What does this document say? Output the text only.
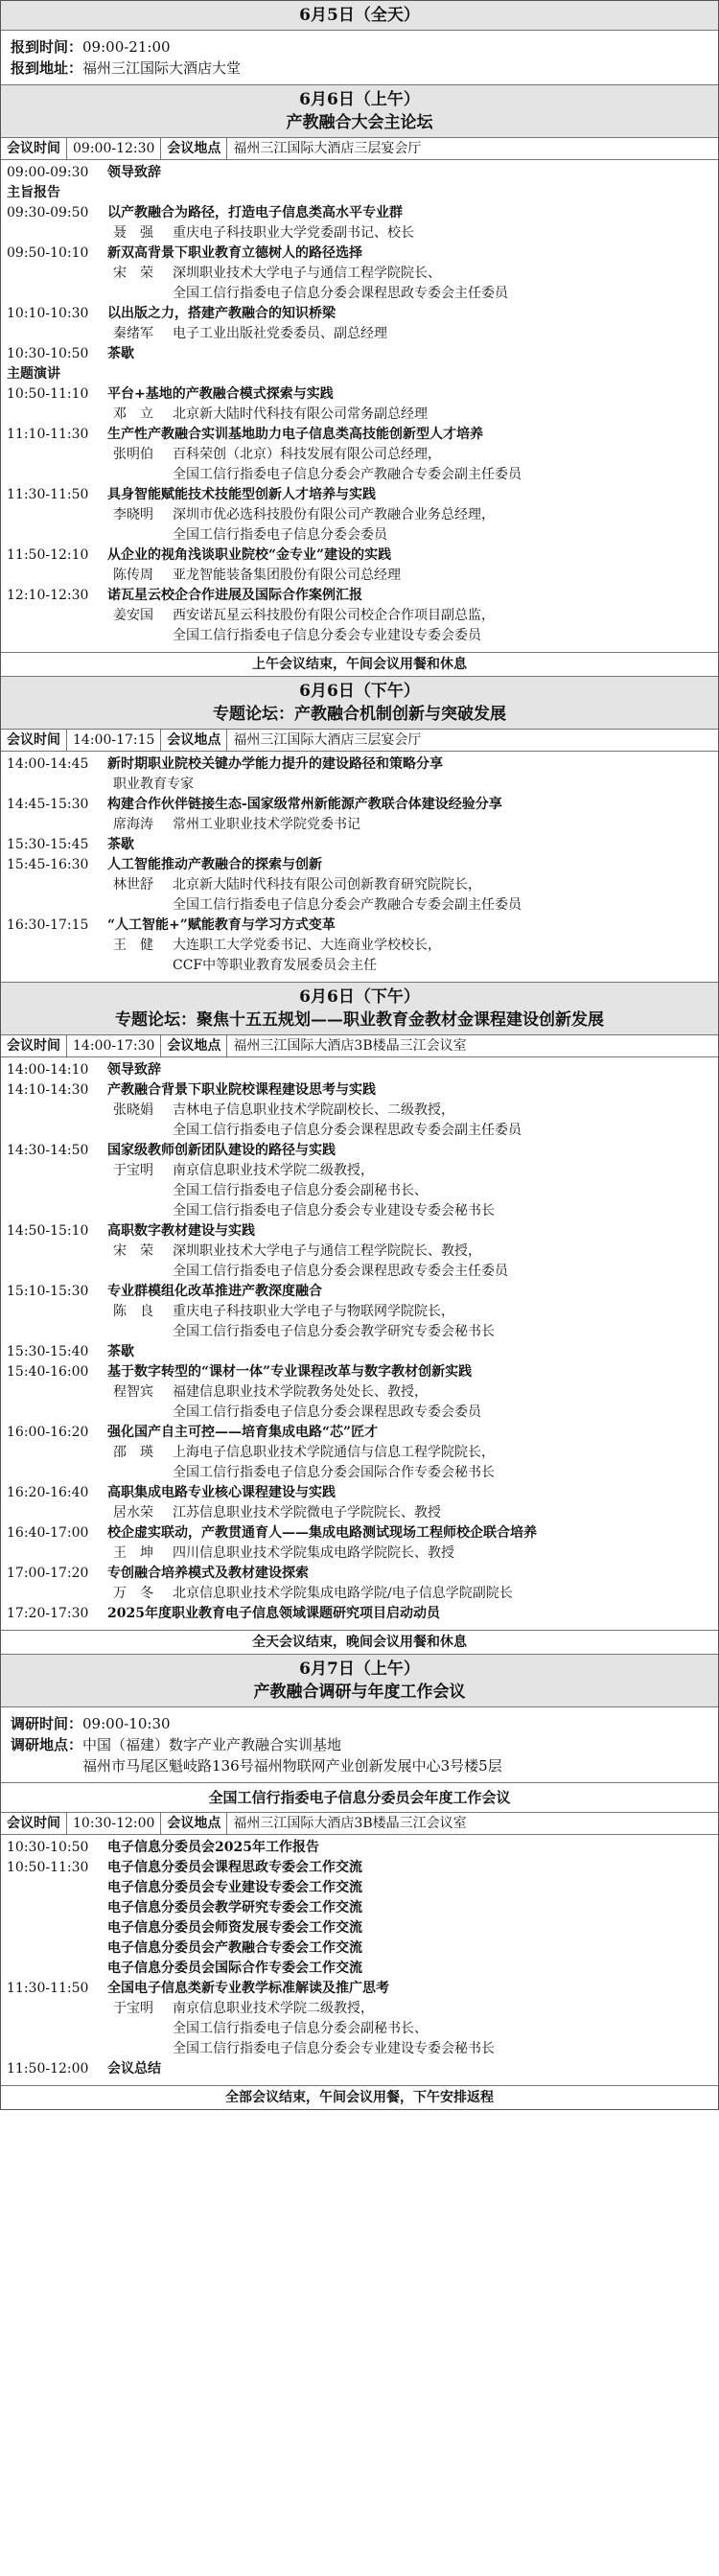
6月5日（全天）
报到时间：09:00-21:00
报到地址：福州三江国际大酒店大堂
6月6日（上午）
产教融合大会主论坛
会议时间 09:00-12:30 会议地点 福州三江国际大酒店三层宴会厅
09:00-09:30	领导致辞
主旨报告
09:30-09:50	以产教融合为路径，打造电子信息类高水平专业群
聂　强 重庆电子科技职业大学党委副书记、校长
09:50-10:10	新双高背景下职业教育立德树人的路径选择
宋　荣 深圳职业技术大学电子与通信工程学院院长、
全国工信行指委电子信息分委会课程思政专委会主任委员
10:10-10:30	以出版之力，搭建产教融合的知识桥梁
秦绪军 电子工业出版社党委委员、副总经理
10:30-10:50	茶歇
主题演讲
10:50-11:10	平台+基地的产教融合模式探索与实践
邓　立 北京新大陆时代科技有限公司常务副总经理
11:10-11:30	生产性产教融合实训基地助力电子信息类高技能创新型人才培养
张明伯 百科荣创（北京）科技发展有限公司总经理，
全国工信行指委电子信息分委会产教融合专委会副主任委员
11:30-11:50	具身智能赋能技术技能型创新人才培养与实践
李晓明 深圳市优必选科技股份有限公司产教融合业务总经理，
全国工信行指委电子信息分委会委员
11:50-12:10	从企业的视角浅谈职业院校“金专业”建设的实践
陈传周 亚龙智能装备集团股份有限公司总经理
12:10-12:30	诺瓦星云校企合作进展及国际合作案例汇报
姜安国 西安诺瓦星云科技股份有限公司校企合作项目副总监，
全国工信行指委电子信息分委会专业建设专委会委员
上午会议结束，午间会议用餐和休息
6月6日（下午）
专题论坛：产教融合机制创新与突破发展
会议时间 14:00-17:15 会议地点 福州三江国际大酒店三层宴会厅
14:00-14:45	新时期职业院校关键办学能力提升的建设路径和策略分享
职业教育专家
14:45-15:30	构建合作伙伴链接生态-国家级常州新能源产教联合体建设经验分享
席海涛 常州工业职业技术学院党委书记
15:30-15:45	茶歇
15:45-16:30	人工智能推动产教融合的探索与创新
林世舒 北京新大陆时代科技有限公司创新教育研究院院长，
全国工信行指委电子信息分委会产教融合专委会副主任委员
16:30-17:15	“人工智能+”赋能教育与学习方式变革
王　健 大连职工大学党委书记、大连商业学校校长，
CCF中等职业教育发展委员会主任
6月6日（下午）
专题论坛：聚焦十五五规划——职业教育金教材金课程建设创新发展
会议时间 14:00-17:30 会议地点 福州三江国际大酒店3B楼晶三江会议室
14:00-14:10	领导致辞
14:10-14:30	产教融合背景下职业院校课程建设思考与实践
张晓娟 吉林电子信息职业技术学院副校长、二级教授，
全国工信行指委电子信息分委会课程思政专委会副主任委员
14:30-14:50	国家级教师创新团队建设的路径与实践
于宝明 南京信息职业技术学院二级教授，
全国工信行指委电子信息分委会副秘书长、
全国工信行指委电子信息分委会专业建设专委会秘书长
14:50-15:10	高职数字教材建设与实践
宋　荣 深圳职业技术大学电子与通信工程学院院长、教授，
全国工信行指委电子信息分委会课程思政专委会主任委员
15:10-15:30	专业群模组化改革推进产教深度融合
陈　良 重庆电子科技职业大学电子与物联网学院院长，
全国工信行指委电子信息分委会教学研究专委会秘书长
15:30-15:40	茶歇
15:40-16:00	基于数字转型的“课材一体”专业课程改革与数字教材创新实践
程智宾 福建信息职业技术学院教务处处长、教授，
全国工信行指委电子信息分委会课程思政专委会委员
16:00-16:20	强化国产自主可控——培育集成电路“芯”匠才
邵　瑛 上海电子信息职业技术学院通信与信息工程学院院长，
全国工信行指委电子信息分委会国际合作专委会秘书长
16:20-16:40	高职集成电路专业核心课程建设与实践
居水荣 江苏信息职业技术学院微电子学院院长、教授
16:40-17:00	校企虚实联动，产教贯通育人——集成电路测试现场工程师校企联合培养
王　坤 四川信息职业技术学院集成电路学院院长、教授
17:00-17:20	专创融合培养模式及教材建设探索
万　冬 北京信息职业技术学院集成电路学院/电子信息学院副院长
17:20-17:30	2025年度职业教育电子信息领域课题研究项目启动动员
全天会议结束，晚间会议用餐和休息
6月7日（上午）
产教融合调研与年度工作会议
调研时间：09:00-10:30
调研地点：中国（福建）数字产业产教融合实训基地
福州市马尾区魁岐路136号福州物联网产业创新发展中心3号楼5层
全国工信行指委电子信息分委员会年度工作会议
会议时间 10:30-12:00 会议地点 福州三江国际大酒店3B楼晶三江会议室
10:30-10:50	电子信息分委员会2025年工作报告
10:50-11:30	电子信息分委员会课程思政专委会工作交流
电子信息分委员会专业建设专委会工作交流
电子信息分委员会教学研究专委会工作交流
电子信息分委员会师资发展专委会工作交流
电子信息分委员会产教融合专委会工作交流
电子信息分委员会国际合作专委会工作交流
11:30-11:50	全国电子信息类新专业教学标准解读及推广思考
于宝明 南京信息职业技术学院二级教授，
全国工信行指委电子信息分委会副秘书长、
全国工信行指委电子信息分委会专业建设专委会秘书长
11:50-12:00	会议总结
全部会议结束，午间会议用餐，下午安排返程
